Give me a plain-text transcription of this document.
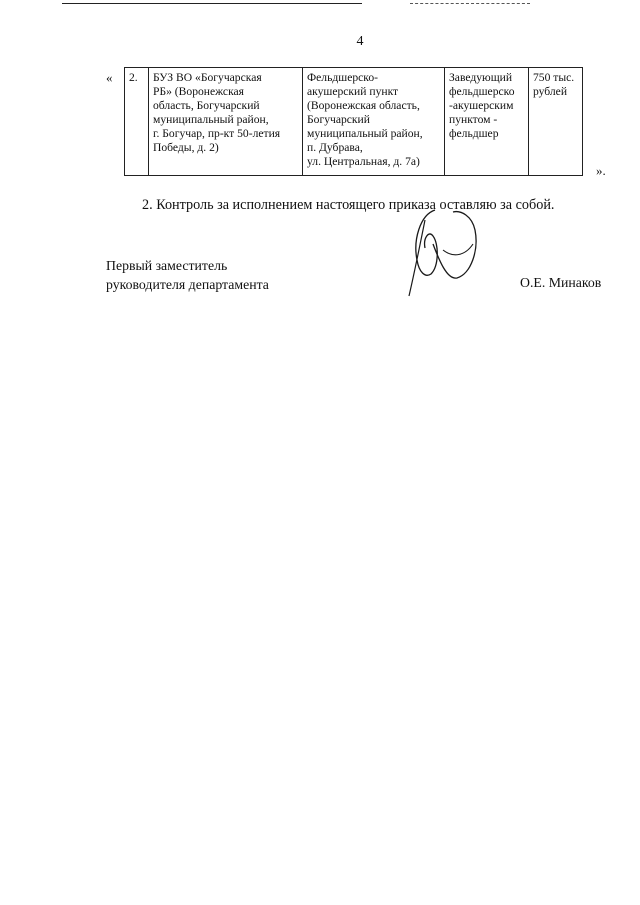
4
« 2.	БУЗ ВО «Богучарская
РБ» (Воронежская
область, Богучарский
муниципальный район,
г. Богучар, пр-кт 50-летия
Победы, д. 2)

Фельдшерско-
акушерский пункт
(Воронежская область,
Богучарский
муниципальный район,
п. Дубрава,
ул. Центральная, д. 7а)

Заведующий
фельдшерско
-акушерским
пунктом -
фельдшер

750 тыс.
рублей
».
2. Контроль за исполнением настоящего приказа оставляю за собой.
Первый заместитель
руководителя департамента	О.Е. Минаков
